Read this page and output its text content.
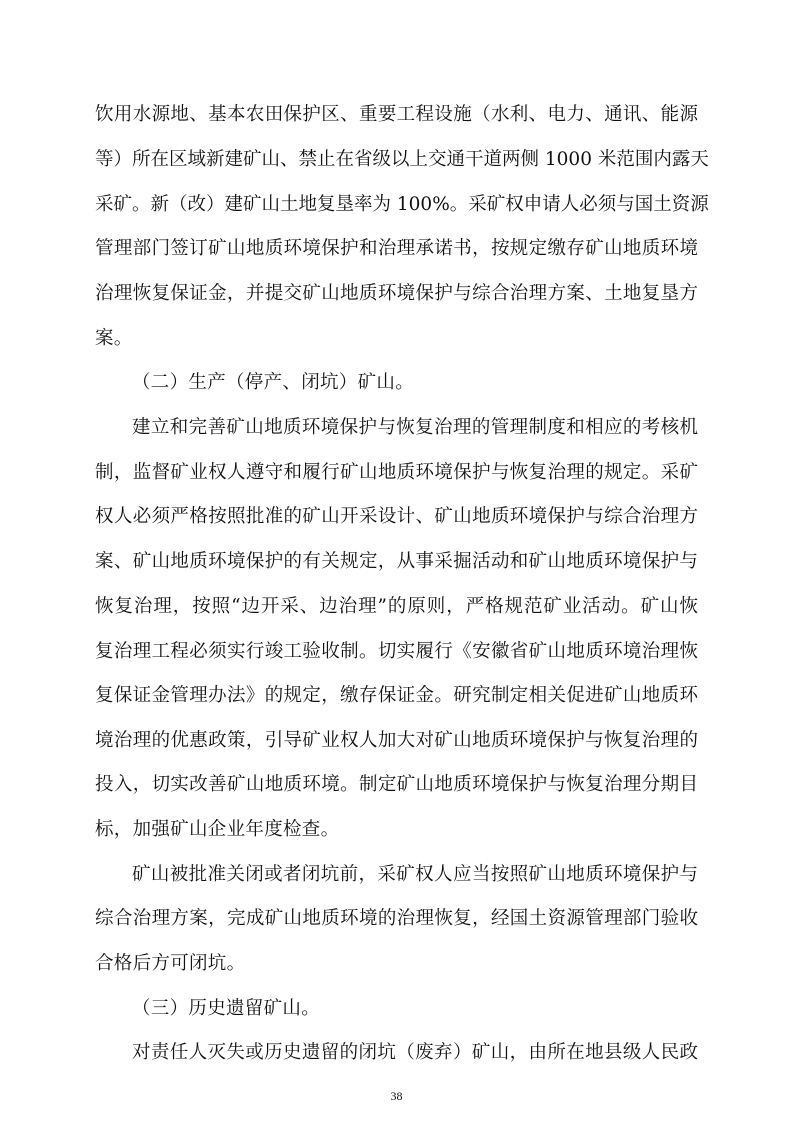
饮用水源地、基本农田保护区、重要工程设施（水利、电力、通讯、能源
等）所在区域新建矿山、禁止在省级以上交通干道两侧 1000 米范围内露天
采矿。新（改）建矿山土地复垦率为 100%。采矿权申请人必须与国土资源
管理部门签订矿山地质环境保护和治理承诺书，按规定缴存矿山地质环境
治理恢复保证金，并提交矿山地质环境保护与综合治理方案、土地复垦方
案。
（二）生产（停产、闭坑）矿山。
建立和完善矿山地质环境保护与恢复治理的管理制度和相应的考核机
制，监督矿业权人遵守和履行矿山地质环境保护与恢复治理的规定。采矿
权人必须严格按照批准的矿山开采设计、矿山地质环境保护与综合治理方
案、矿山地质环境保护的有关规定，从事采掘活动和矿山地质环境保护与
恢复治理，按照“边开采、边治理”的原则，严格规范矿业活动。矿山恢
复治理工程必须实行竣工验收制。切实履行《安徽省矿山地质环境治理恢
复保证金管理办法》的规定，缴存保证金。研究制定相关促进矿山地质环
境治理的优惠政策，引导矿业权人加大对矿山地质环境保护与恢复治理的
投入，切实改善矿山地质环境。制定矿山地质环境保护与恢复治理分期目
标，加强矿山企业年度检查。
矿山被批准关闭或者闭坑前，采矿权人应当按照矿山地质环境保护与
综合治理方案，完成矿山地质环境的治理恢复，经国土资源管理部门验收
合格后方可闭坑。
（三）历史遗留矿山。
对责任人灭失或历史遗留的闭坑（废弃）矿山，由所在地县级人民政
38
